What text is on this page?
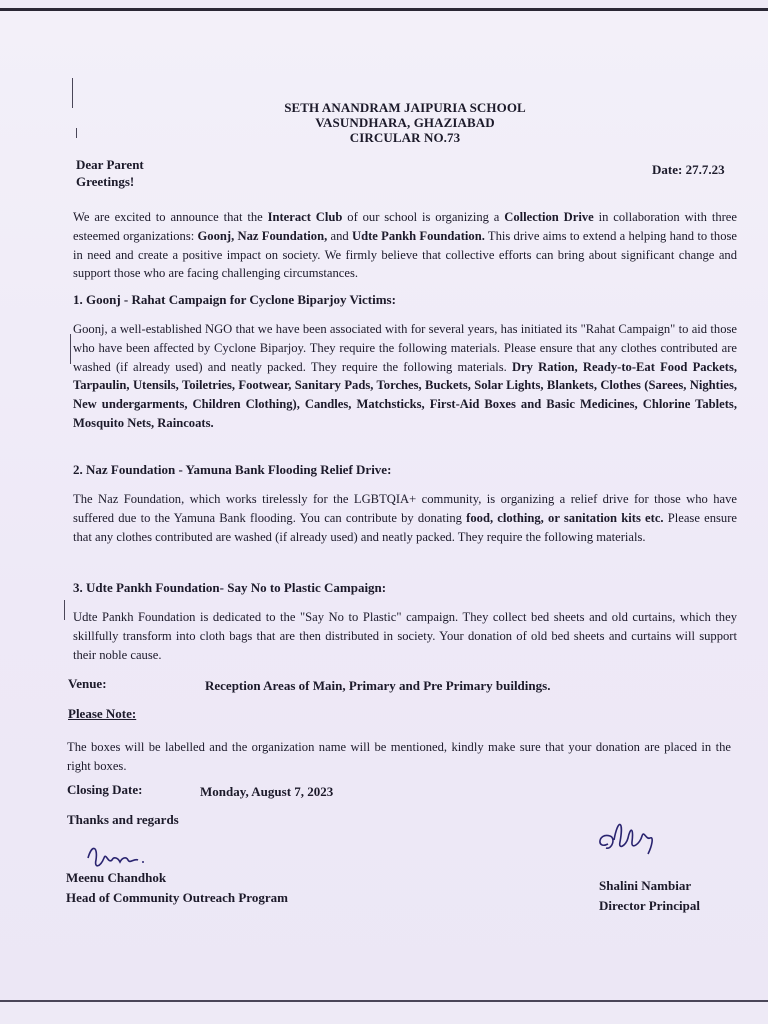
SETH ANANDRAM JAIPURIA SCHOOL
VASUNDHARA, GHAZIABAD
CIRCULAR NO.73
Dear Parent
Greetings!
Date: 27.7.23

We are excited to announce that the Interact Club of our school is organizing a Collection Drive in collaboration with three esteemed organizations: Goonj, Naz Foundation, and Udte Pankh Foundation. This drive aims to extend a helping hand to those in need and create a positive impact on society. We firmly believe that collective efforts can bring about significant change and support those who are facing challenging circumstances.

1. Goonj - Rahat Campaign for Cyclone Biparjoy Victims:

Goonj, a well-established NGO that we have been associated with for several years, has initiated its "Rahat Campaign" to aid those who have been affected by Cyclone Biparjoy. They require the following materials. Please ensure that any clothes contributed are washed (if already used) and neatly packed. They require the following materials. Dry Ration, Ready-to-Eat Food Packets, Tarpaulin, Utensils, Toiletries, Footwear, Sanitary Pads, Torches, Buckets, Solar Lights, Blankets, Clothes (Sarees, Nighties, New undergarments, Children Clothing), Candles, Matchsticks, First-Aid Boxes and Basic Medicines, Chlorine Tablets, Mosquito Nets, Raincoats.

2. Naz Foundation - Yamuna Bank Flooding Relief Drive:

The Naz Foundation, which works tirelessly for the LGBTQIA+ community, is organizing a relief drive for those who have suffered due to the Yamuna Bank flooding. You can contribute by donating food, clothing, or sanitation kits etc. Please ensure that any clothes contributed are washed (if already used) and neatly packed. They require the following materials.

3. Udte Pankh Foundation- Say No to Plastic Campaign:

Udte Pankh Foundation is dedicated to the "Say No to Plastic" campaign. They collect bed sheets and old curtains, which they skillfully transform into cloth bags that are then distributed in society. Your donation of old bed sheets and curtains will support their noble cause.

Venue:	Reception Areas of Main, Primary and Pre Primary buildings.
Please Note:

The boxes will be labelled and the organization name will be mentioned, kindly make sure that your donation are placed in the right boxes.

Closing Date:	Monday, August 7, 2023
Thanks and regards
Meenu Chandhok
Head of Community Outreach Program
Shalini Nambiar
Director Principal
